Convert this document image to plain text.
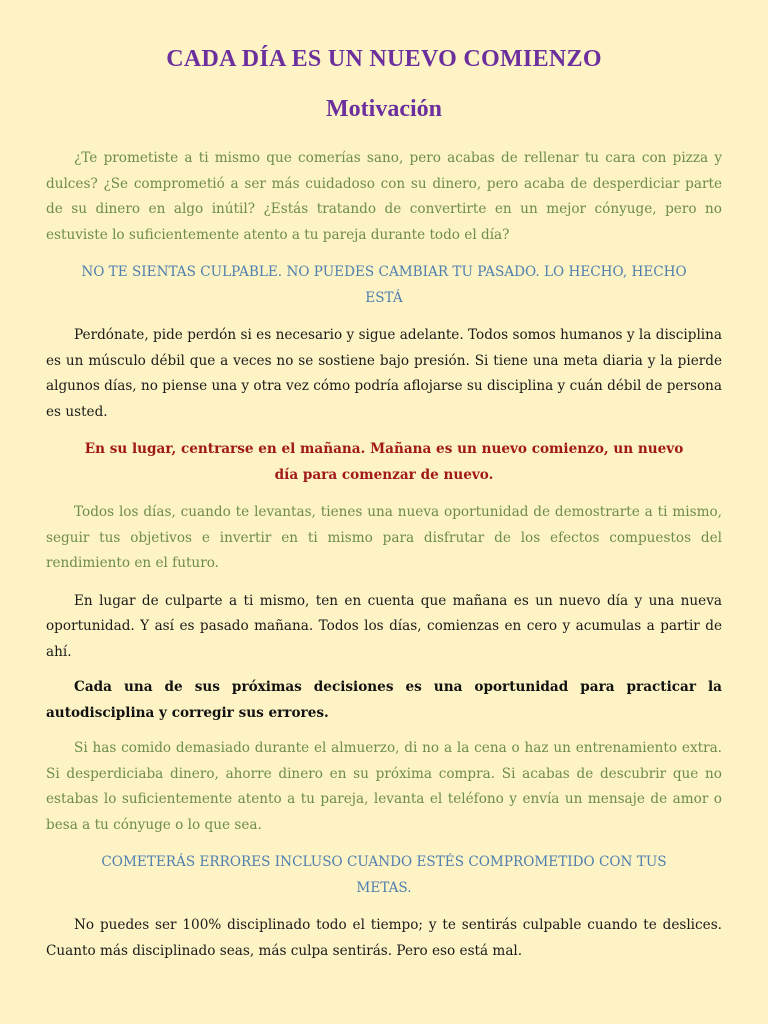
CADA DÍA ES UN NUEVO COMIENZO
Motivación

¿Te prometiste a ti mismo que comerías sano, pero acabas de rellenar tu cara con pizza y dulces? ¿Se comprometió a ser más cuidadoso con su dinero, pero acaba de desperdiciar parte de su dinero en algo inútil? ¿Estás tratando de convertirte en un mejor cónyuge, pero no estuviste lo suficientemente atento a tu pareja durante todo el día?

NO TE SIENTAS CULPABLE. NO PUEDES CAMBIAR TU PASADO. LO HECHO, HECHO ESTÁ

Perdónate, pide perdón si es necesario y sigue adelante. Todos somos humanos y la disciplina es un músculo débil que a veces no se sostiene bajo presión. Si tiene una meta diaria y la pierde algunos días, no piense una y otra vez cómo podría aflojarse su disciplina y cuán débil de persona es usted.

En su lugar, centrarse en el mañana. Mañana es un nuevo comienzo, un nuevo día para comenzar de nuevo.

Todos los días, cuando te levantas, tienes una nueva oportunidad de demostrarte a ti mismo, seguir tus objetivos e invertir en ti mismo para disfrutar de los efectos compuestos del rendimiento en el futuro.

En lugar de culparte a ti mismo, ten en cuenta que mañana es un nuevo día y una nueva oportunidad. Y así es pasado mañana. Todos los días, comienzas en cero y acumulas a partir de ahí.

Cada una de sus próximas decisiones es una oportunidad para practicar la autodisciplina y corregir sus errores.

Si has comido demasiado durante el almuerzo, di no a la cena o haz un entrenamiento extra. Si desperdiciaba dinero, ahorre dinero en su próxima compra. Si acabas de descubrir que no estabas lo suficientemente atento a tu pareja, levanta el teléfono y envía un mensaje de amor o besa a tu cónyuge o lo que sea.

COMETERÁS ERRORES INCLUSO CUANDO ESTÉS COMPROMETIDO CON TUS METAS.

No puedes ser 100% disciplinado todo el tiempo; y te sentirás culpable cuando te deslices. Cuanto más disciplinado seas, más culpa sentirás. Pero eso está mal.
